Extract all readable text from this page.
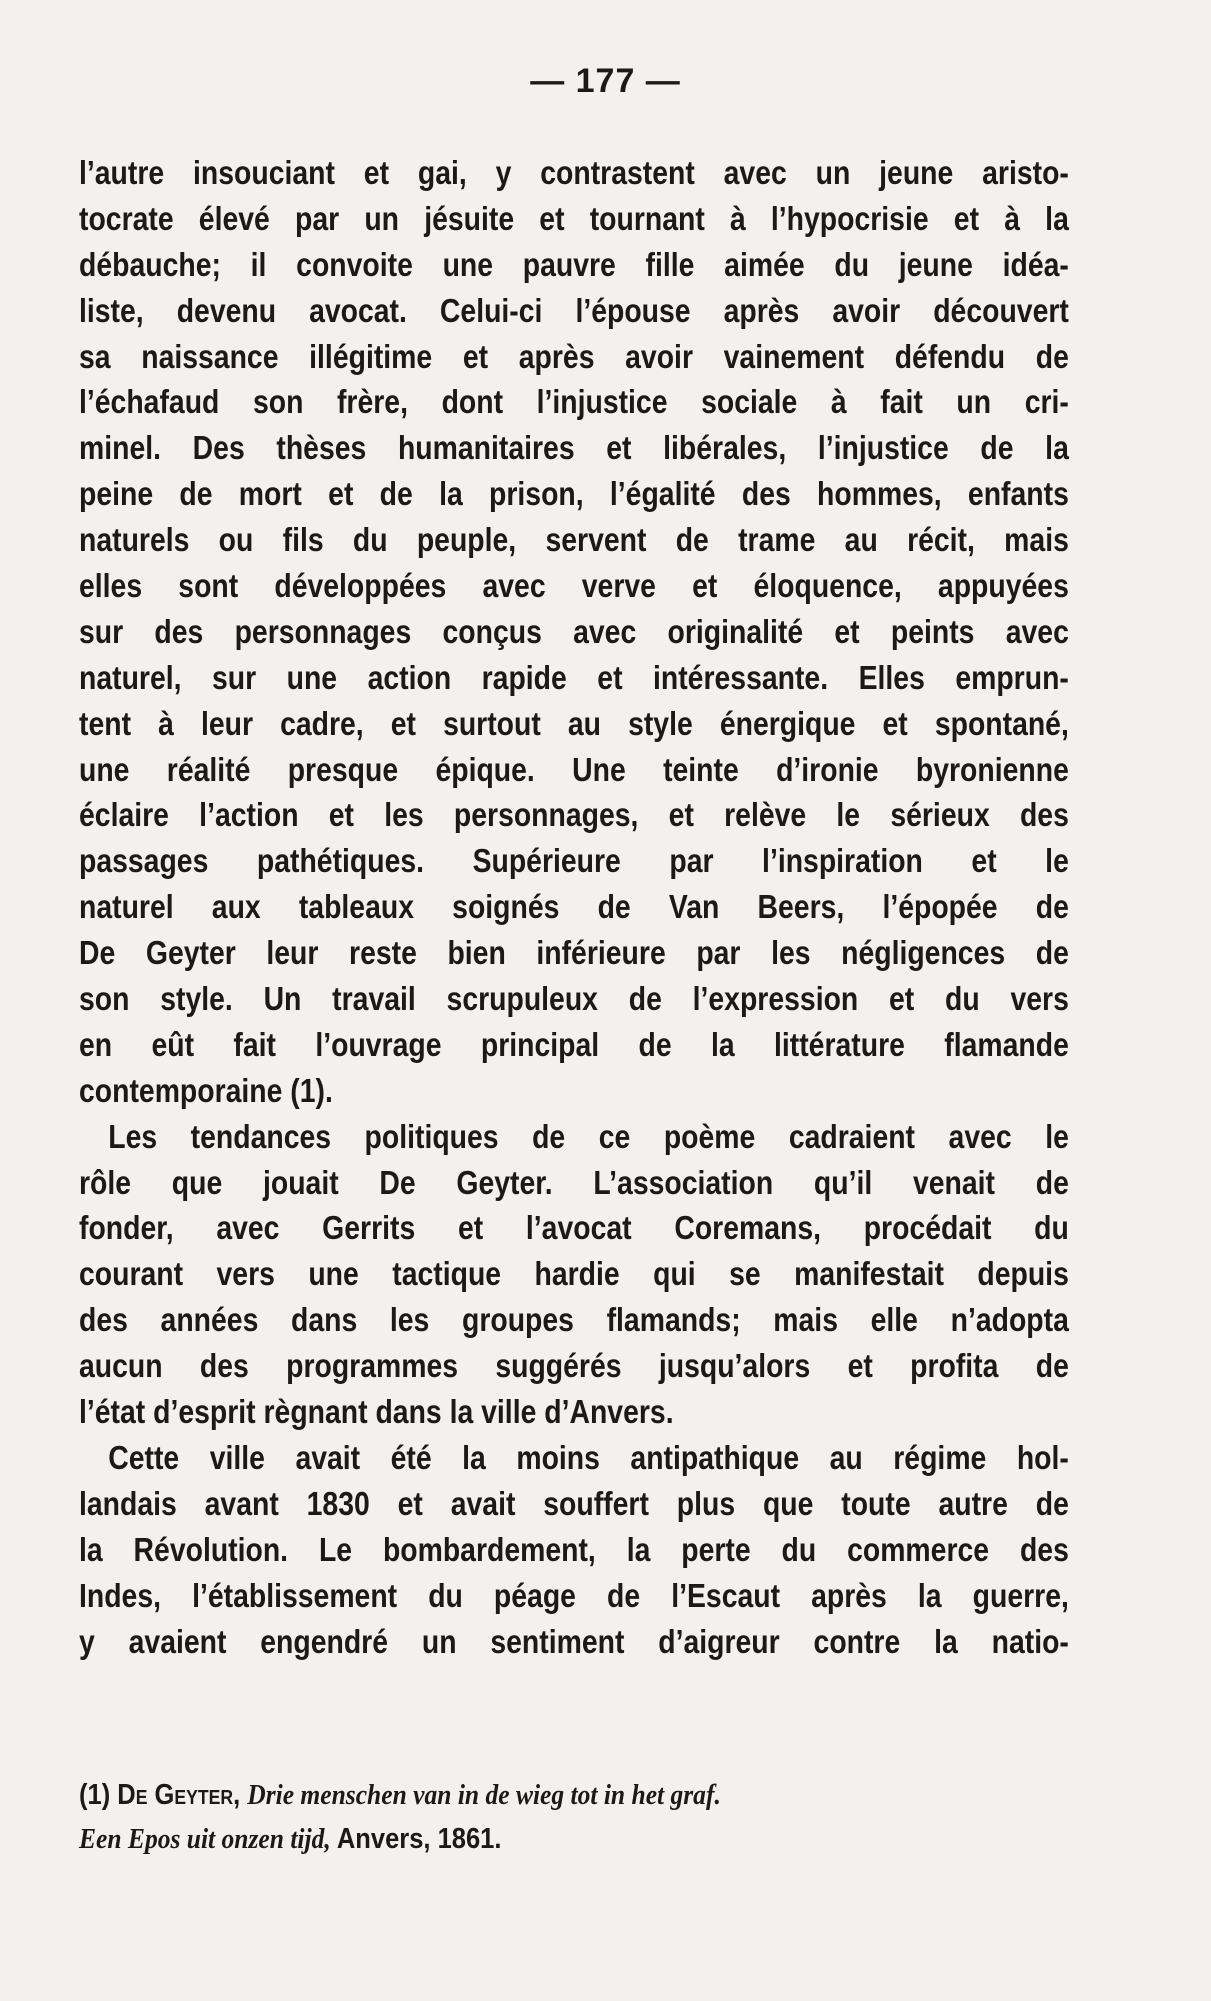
— 177 —
l’autre insouciant et gai, y contrastent avec un jeune aristo-
tocrate élevé par un jésuite et tournant à l’hypocrisie et à la
débauche; il convoite une pauvre fille aimée du jeune idéa-
liste, devenu avocat. Celui-ci l’épouse après avoir découvert
sa naissance illégitime et après avoir vainement défendu de
l’échafaud son frère, dont l’injustice sociale à fait un cri-
minel. Des thèses humanitaires et libérales, l’injustice de la
peine de mort et de la prison, l’égalité des hommes, enfants
naturels ou fils du peuple, servent de trame au récit, mais
elles sont développées avec verve et éloquence, appuyées
sur des personnages conçus avec originalité et peints avec
naturel, sur une action rapide et intéressante. Elles emprun-
tent à leur cadre, et surtout au style énergique et spontané,
une réalité presque épique. Une teinte d’ironie byronienne
éclaire l’action et les personnages, et relève le sérieux des
passages pathétiques. Supérieure par l’inspiration et le
naturel aux tableaux soignés de Van Beers, l’épopée de
De Geyter leur reste bien inférieure par les négligences de
son style. Un travail scrupuleux de l’expression et du vers
en eût fait l’ouvrage principal de la littérature flamande
contemporaine (1).
Les tendances politiques de ce poème cadraient avec le
rôle que jouait De Geyter. L’association qu’il venait de
fonder, avec Gerrits et l’avocat Coremans, procédait du
courant vers une tactique hardie qui se manifestait depuis
des années dans les groupes flamands; mais elle n’adopta
aucun des programmes suggérés jusqu’alors et profita de
l’état d’esprit règnant dans la ville d’Anvers.
Cette ville avait été la moins antipathique au régime hol-
landais avant 1830 et avait souffert plus que toute autre de
la Révolution. Le bombardement, la perte du commerce des
Indes, l’établissement du péage de l’Escaut après la guerre,
y avaient engendré un sentiment d’aigreur contre la natio-
(1) De Geyter, Drie menschen van in de wieg tot in het graf.
Een Epos uit onzen tijd, Anvers, 1861.
